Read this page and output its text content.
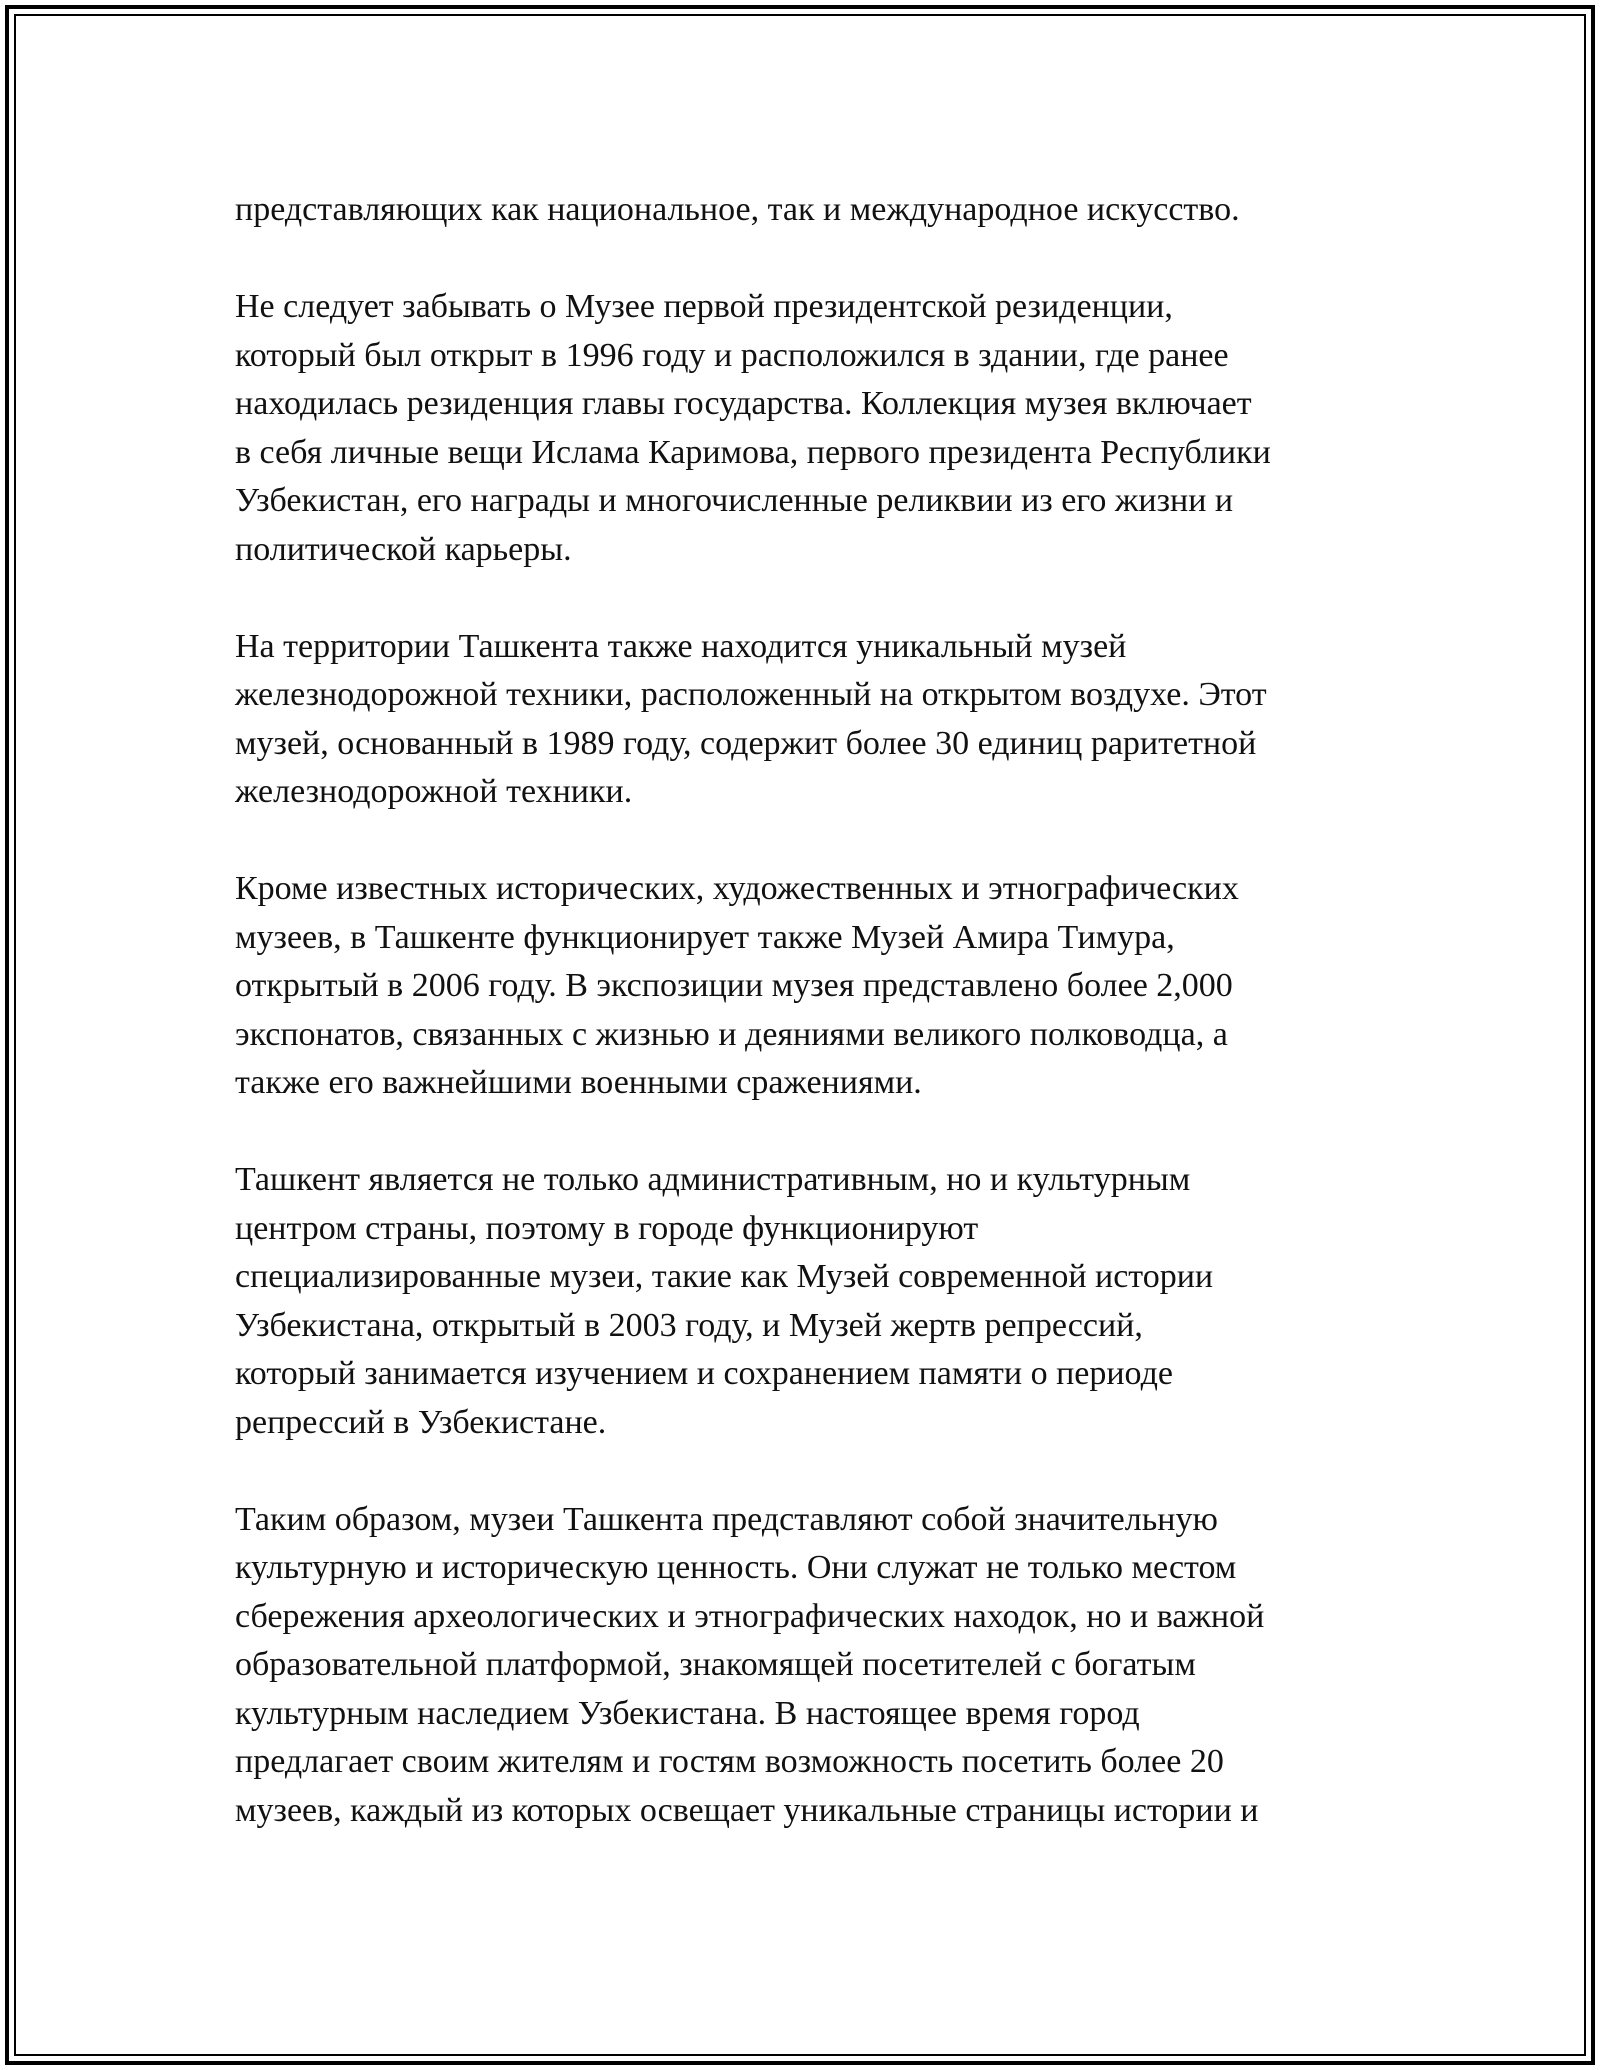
представляющих как национальное, так и международное искусство.
Не следует забывать о Музее первой президентской резиденции,
который был открыт в 1996 году и расположился в здании, где ранее
находилась резиденция главы государства. Коллекция музея включает
в себя личные вещи Ислама Каримова, первого президента Республики
Узбекистан, его награды и многочисленные реликвии из его жизни и
политической карьеры.
На территории Ташкента также находится уникальный музей
железнодорожной техники, расположенный на открытом воздухе. Этот
музей, основанный в 1989 году, содержит более 30 единиц раритетной
железнодорожной техники.
Кроме известных исторических, художественных и этнографических
музеев, в Ташкенте функционирует также Музей Амира Тимура,
открытый в 2006 году. В экспозиции музея представлено более 2,000
экспонатов, связанных с жизнью и деяниями великого полководца, а
также его важнейшими военными сражениями.
Ташкент является не только административным, но и культурным
центром страны, поэтому в городе функционируют
специализированные музеи, такие как Музей современной истории
Узбекистана, открытый в 2003 году, и Музей жертв репрессий,
который занимается изучением и сохранением памяти о периоде
репрессий в Узбекистане.
Таким образом, музеи Ташкента представляют собой значительную
культурную и историческую ценность. Они служат не только местом
сбережения археологических и этнографических находок, но и важной
образовательной платформой, знакомящей посетителей с богатым
культурным наследием Узбекистана. В настоящее время город
предлагает своим жителям и гостям возможность посетить более 20
музеев, каждый из которых освещает уникальные страницы истории и
